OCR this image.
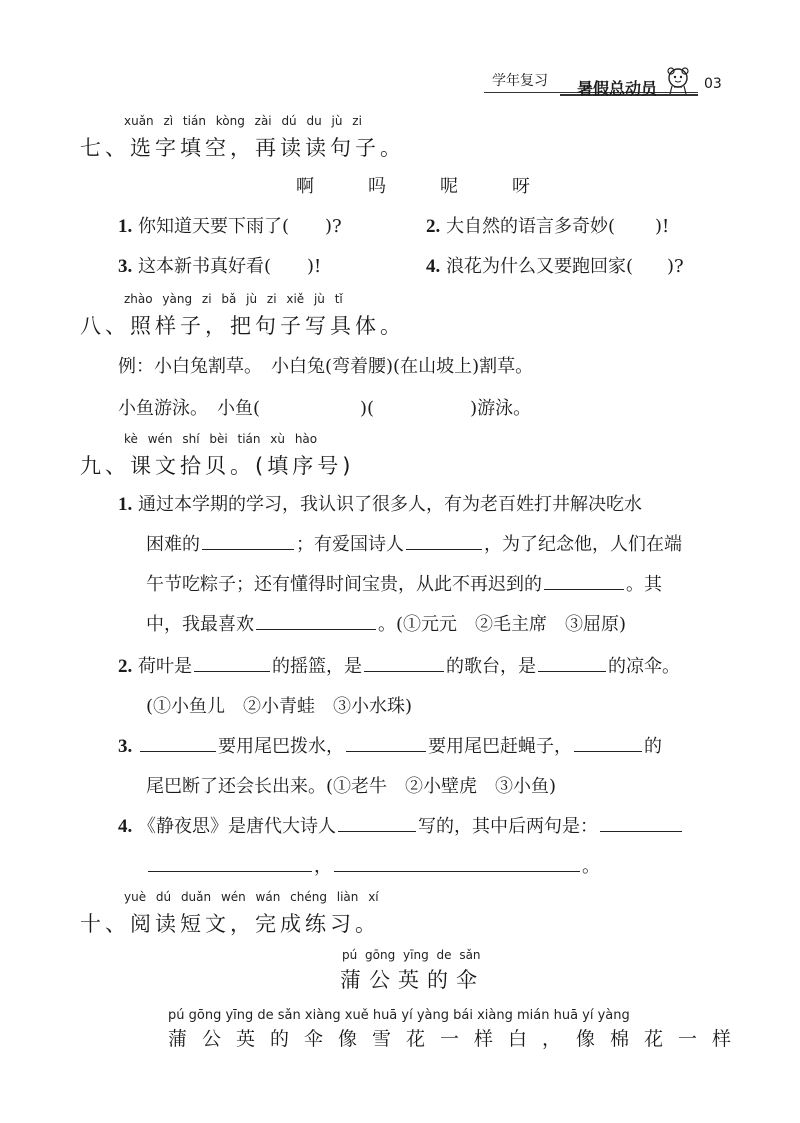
学年复习 暑假总动员	03
xuǎn zì tián kòng zài dú du jù zi
七、选字填空，再读读句子。
啊　　吗　　呢　　呀
1. 你知道天要下雨了( )?	2. 大自然的语言多奇妙( )!
3. 这本新书真好看( )!	4. 浪花为什么又要跑回家( )?
zhào yàng zi bǎ jù zi xiě jù tǐ
八、照样子，把句子写具体。
例：小白兔割草。　小白兔(弯着腰)(在山坡上)割草。
小鱼游泳。　小鱼(	)(	)游泳。
kè wén shí bèi tián xù hào
九、课文拾贝。(填序号)
1. 通过本学期的学习，我认识了很多人，有为老百姓打井解决吃水
困难的	；有爱国诗人	，为了纪念他，人们在端
午节吃粽子；还有懂得时间宝贵，从此不再迟到的	。其
中，我最喜欢	。(①元元　②毛主席　③屈原)
2. 荷叶是	的摇篮，是	的歌台，是	的凉伞。
(①小鱼儿　②小青蛙　③小水珠)
3.	要用尾巴拨水，	要用尾巴赶蝇子，	的
尾巴断了还会长出来。(①老牛　②小壁虎　③小鱼)
4. 《静夜思》是唐代大诗人	写的，其中后两句是：
，	。
yuè dú duǎn wén wán chéng liàn xí
十、阅读短文，完成练习。
pú gōng yīng de sǎn
蒲公英的伞
pú gōng yīng de sǎn xiàng xuě huā yí yàng bái xiàng mián huā yí yàng
蒲公英的伞像雪花一样白，像棉花一样
